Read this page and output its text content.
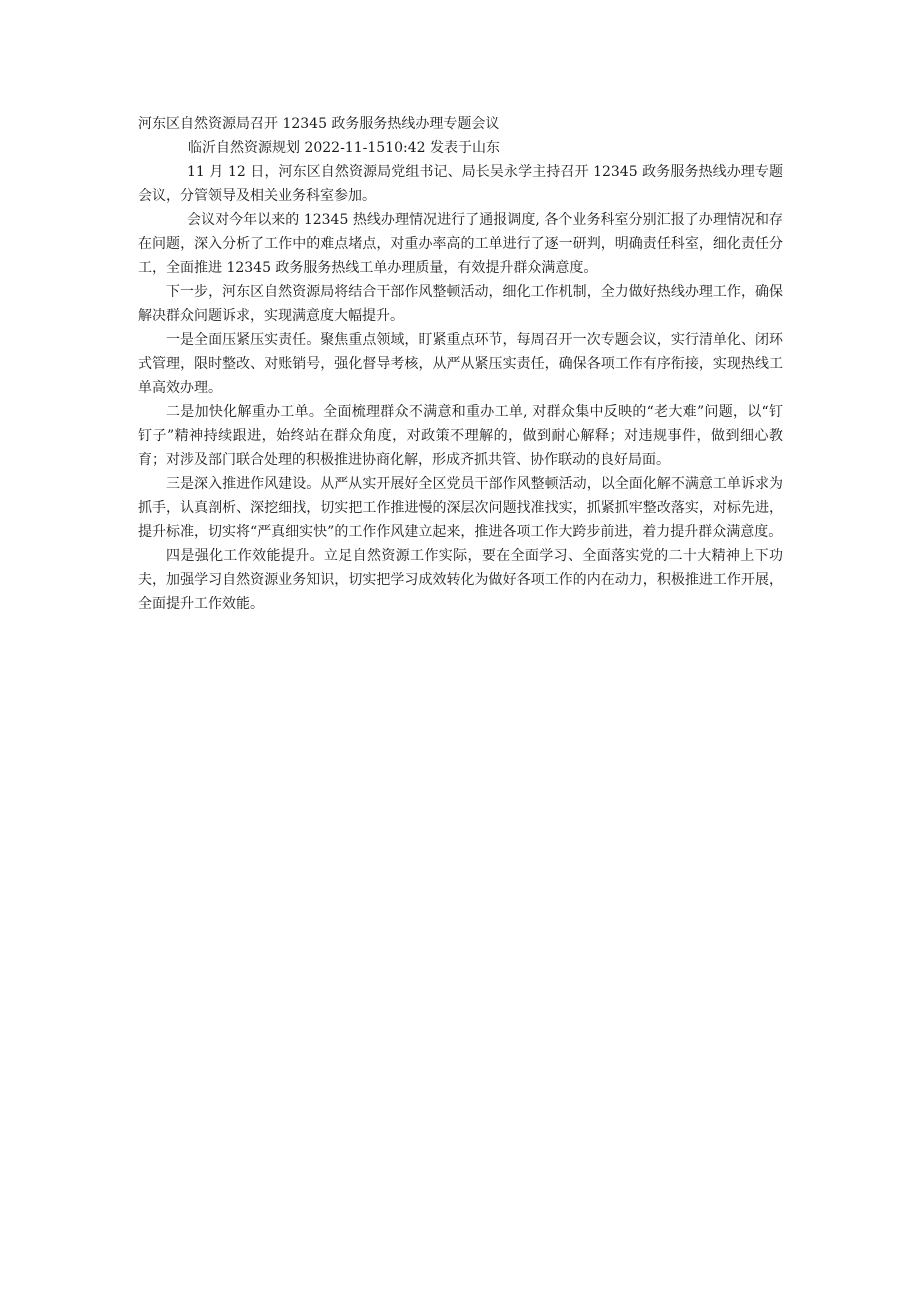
河东区自然资源局召开 12345 政务服务热线办理专题会议

临沂自然资源规划 2022-11-1510:42 发表于山东

11 月 12 日，河东区自然资源局党组书记、局长吴永学主持召开 12345 政务服务热线办理专题会议，分管领导及相关业务科室参加。

会议对今年以来的 12345 热线办理情况进行了通报调度, 各个业务科室分别汇报了办理情况和存在问题，深入分析了工作中的难点堵点，对重办率高的工单进行了逐一研判，明确责任科室，细化责任分工，全面推进 12345 政务服务热线工单办理质量，有效提升群众满意度。

下一步，河东区自然资源局将结合干部作风整顿活动，细化工作机制，全力做好热线办理工作，确保解决群众问题诉求，实现满意度大幅提升。

一是全面压紧压实责任。聚焦重点领域，盯紧重点环节，每周召开一次专题会议，实行清单化、闭环式管理，限时整改、对账销号，强化督导考核，从严从紧压实责任，确保各项工作有序衔接，实现热线工单高效办理。

二是加快化解重办工单。全面梳理群众不满意和重办工单, 对群众集中反映的“老大难”问题，以“钉钉子”精神持续跟进，始终站在群众角度，对政策不理解的，做到耐心解释；对违规事件，做到细心教育；对涉及部门联合处理的积极推进协商化解，形成齐抓共管、协作联动的良好局面。

三是深入推进作风建设。从严从实开展好全区党员干部作风整顿活动，以全面化解不满意工单诉求为抓手，认真剖析、深挖细找，切实把工作推进慢的深层次问题找准找实，抓紧抓牢整改落实，对标先进，提升标准，切实将“严真细实快”的工作作风建立起来，推进各项工作大跨步前进，着力提升群众满意度。

四是强化工作效能提升。立足自然资源工作实际，要在全面学习、全面落实党的二十大精神上下功夫，加强学习自然资源业务知识，切实把学习成效转化为做好各项工作的内在动力，积极推进工作开展，全面提升工作效能。
